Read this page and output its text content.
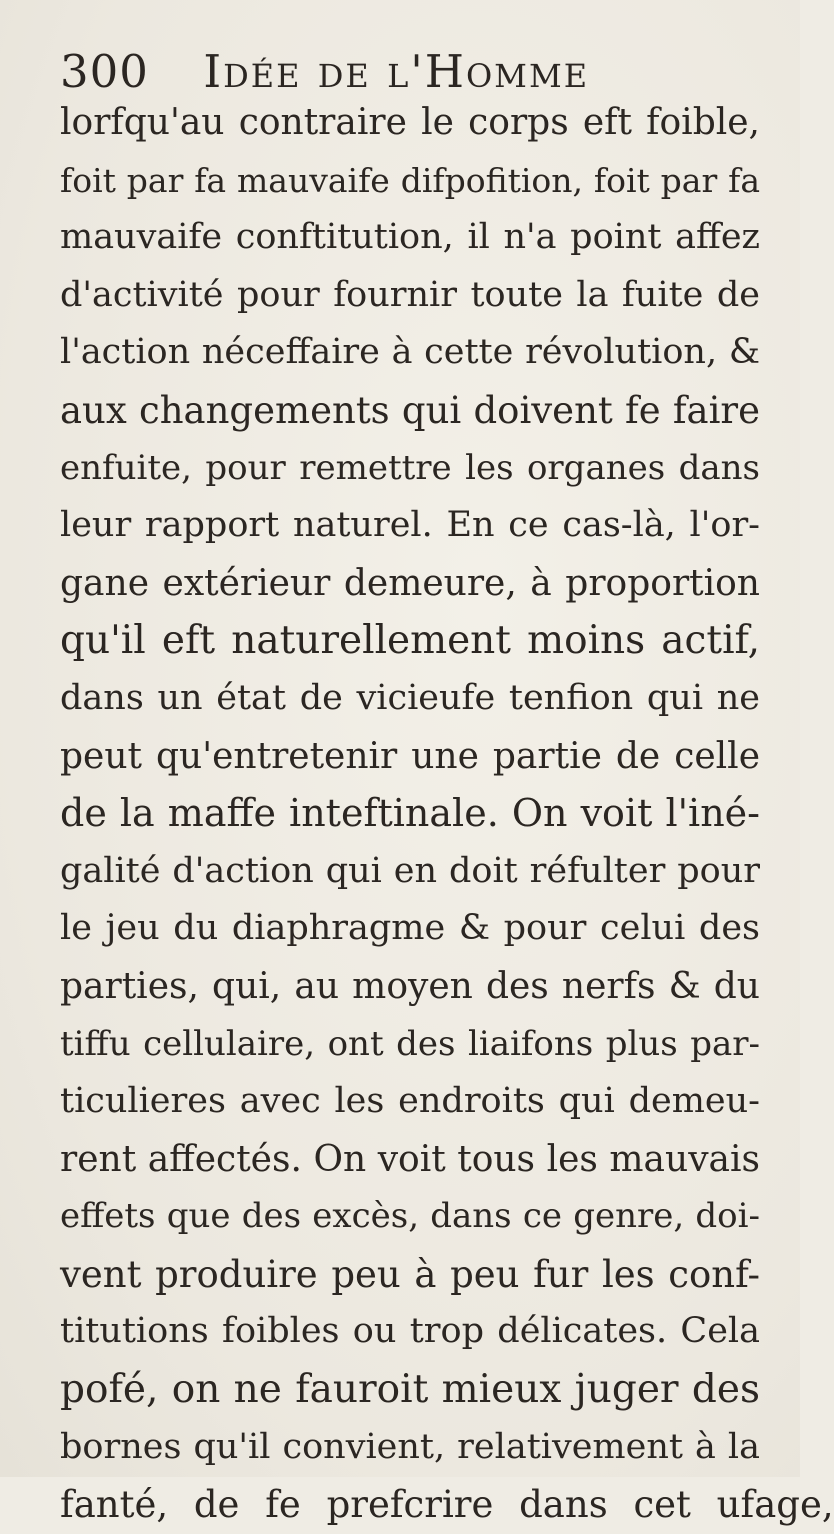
300 Idée de l'Homme
lorfqu'au contraire le corps eft foible,
foit par fa mauvaife difpofition, foit par fa
mauvaife conftitution, il n'a point affez
d'activité pour fournir toute la fuite de
l'action néceffaire à cette révolution, &
aux changements qui doivent fe faire
enfuite, pour remettre les organes dans
leur rapport naturel. En ce cas-là, l'or-
gane extérieur demeure, à proportion
qu'il eft naturellement moins actif,
dans un état de vicieufe tenfion qui ne
peut qu'entretenir une partie de celle
de la maffe inteftinale. On voit l'iné-
galité d'action qui en doit réfulter pour
le jeu du diaphragme & pour celui des
parties, qui, au moyen des nerfs & du
tiffu cellulaire, ont des liaifons plus par-
ticulieres avec les endroits qui demeu-
rent affectés. On voit tous les mauvais
effets que des excès, dans ce genre, doi-
vent produire peu à peu fur les conf-
titutions foibles ou trop délicates. Cela
pofé, on ne fauroit mieux juger des
bornes qu'il convient, relativement à la
fanté, de fe prefcrire dans cet ufage,
